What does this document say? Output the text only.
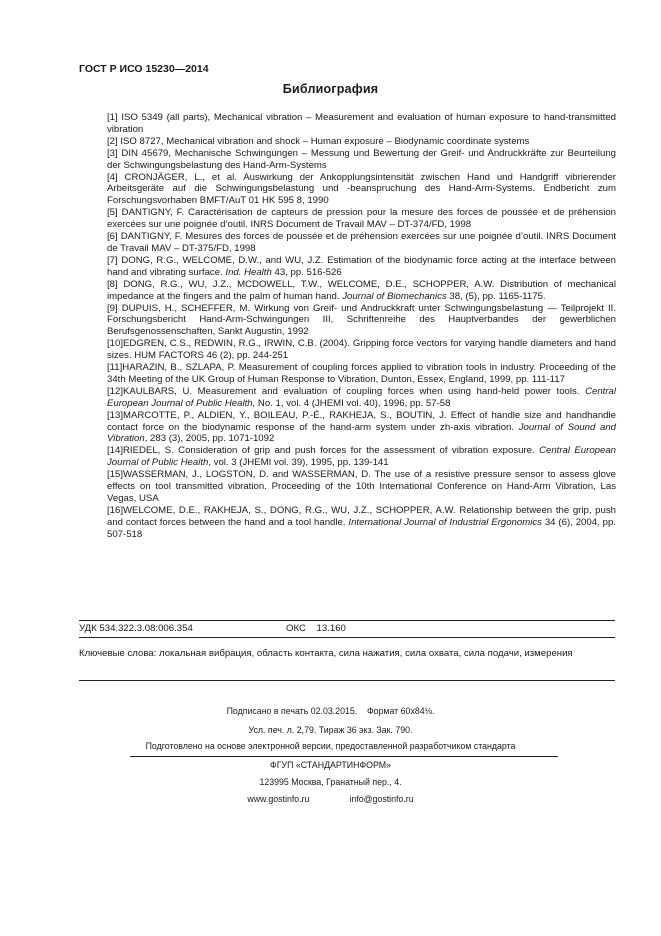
ГОСТ Р ИСО 15230—2014
Библиография

[1] ISO 5349 (all parts), Mechanical vibration – Measurement and evaluation of human exposure to hand-transmitted vibration

[2] ISO 8727, Mechanical vibration and shock – Human exposure – Biodynamic coordinate systems

[3] DIN 45679, Mechanische Schwingungen – Messung und Bewertung der Greif- und Andruckkräfte zur Beurteilung der Schwingungsbelastung des Hand-Arm-Systems

[4] CRONJÄGER, L., et al. Auswirkung der Ankopplungsintensität zwischen Hand und Handgriff vibrierender Arbeitsgeräte auf die Schwingungsbelastung und -beanspruchung des Hand-Arm-Systems. Endbericht zum Forschungsvorhaben BMFT/AuT 01 HK 595 8, 1990

[5] DANTIGNY, F. Caractérisation de capteurs de pression pour la mesure des forces de poussée et de préhension exercées sur une poignée d’outil. INRS Document de Travail MAV – DT-374/FD, 1998

[6] DANTIGNY, F. Mesures des forces de poussée et de préhension exercées sur une poignée d’outil. INRS Document de Travail MAV – DT-375/FD, 1998

[7] DONG, R.G., WELCOME, D.W., and WU, J.Z. Estimation of the biodynamic force acting at the interface between hand and vibrating surface. Ind. Health 43, pp. 516-526

[8] DONG, R.G., WU, J.Z., MCDOWELL, T.W., WELCOME, D.E., SCHOPPER, A.W. Distribution of mechanical impedance at the fingers and the palm of human hand. Journal of Biomechanics 38, (5), pp. 1165-1175.

[9] DUPUIS, H., SCHEFFER, M. Wirkung von Greif- und Andruckkraft unter Schwingungsbelastung — Teilprojekt II. Forschungsbericht Hand-Arm-Schwingungen III, Schriftenreihe des Hauptverbandes der gewerblichen Berufsgenossenschaften, Sankt Augustin, 1992

[10]EDGREN, C.S., REDWIN, R.G., IRWIN, C.B. (2004). Gripping force vectors for varying handle diameters and hand sizes. HUM FACTORS 46 (2), pp. 244-251

[11]HARAZIN, B., SZLAPA, P. Measurement of coupling forces applied to vibration tools in industry. Proceeding of the 34th Meeting of the UK Group of Human Response to Vibration, Dunton, Essex, England, 1999, pp. 111-117

[12]KAULBARS, U. Measurement and evaluation of coupling forces when using hand-held power tools. Central European Journal of Public Health, No. 1, vol. 4 (JHEMI vol. 40), 1996, pp. 57-58

[13]MARCOTTE, P., ALDIEN, Y., BOILEAU, P.-É., RAKHEJA, S., BOUTIN, J. Effect of handle size and handhandle contact force on the biodynamic response of the hand-arm system under zh-axis vibration. Journal of Sound and Vibration, 283 (3), 2005, pp. 1071-1092

[14]RIEDEL, S. Consideration of grip and push forces for the assessment of vibration exposure. Central European Journal of Public Health, vol. 3 (JHEMI vol. 39), 1995, pp. 139-141

[15]WASSERMAN, J., LOGSTON, D. and WASSERMAN, D. The use of a resistive pressure sensor to assess glove effects on tool transmitted vibration. Proceeding of the 10th International Conference on Hand-Arm Vibration, Las Vegas, USA

[16]WELCOME, D.E., RAKHEJA, S., DONG, R.G., WU, J.Z., SCHOPPER, A.W. Relationship between the grip, push and contact forces between the hand and a tool handle. International Journal of Industrial Ergonomics 34 (6), 2004, pp. 507-518

УДК 534.322.3.08:006.354	ОКС    13.160
Ключевые слова: локальная вибрация, область контакта, сила нажатия, сила охвата, сила подачи, измерения
Подписано в печать 02.03.2015.    Формат 60x84⅛.
Усл. печ. л. 2,79. Тираж 36 экз. Зак. 790.
Подготовлено на основе электронной версии, предоставленной разработчиком стандарта
ФГУП «СТАНДАРТИНФОРМ»
123995 Москва, Гранатный пер., 4.
www.gostinfo.ru	info@gostinfo.ru
